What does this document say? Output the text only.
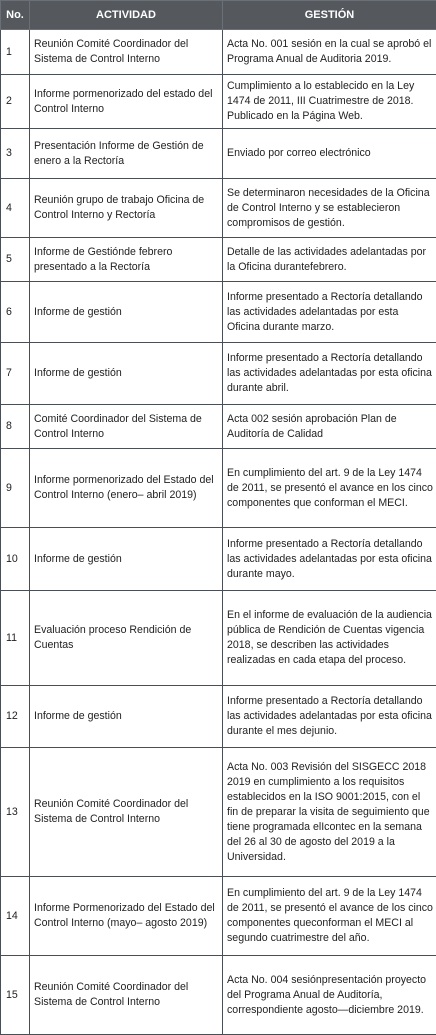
No.	ACTIVIDAD	GESTIÓN
1	Reunión Comité Coordinador del Sistema de Control Interno	Acta No. 001 sesión en la cual se aprobó el Programa Anual de Auditoria 2019.
2	Informe pormenorizado del estado del Control Interno	Cumplimiento a lo establecido en la Ley 1474 de 2011, III Cuatrimestre de 2018. Publicado en la Página Web.
3	Presentación Informe de Gestión de enero a la Rectoría	Enviado por correo electrónico
4	Reunión grupo de trabajo Oficina de Control Interno y Rectoría	Se determinaron necesidades de la Oficina de Control Interno y se establecieron compromisos de gestión.
5	Informe de Gestiónde febrero presentado a la Rectoría	Detalle de las actividades adelantadas por la Oficina durantefebrero.
6	Informe de gestión	Informe presentado a Rectoría detallando las actividades adelantadas por esta Oficina durante marzo.
7	Informe de gestión	Informe presentado a Rectoría detallando las actividades adelantadas por esta oficina durante abril.
8	Comité Coordinador del Sistema de Control Interno	Acta 002 sesión aprobación Plan de Auditoría de Calidad
9	Informe pormenorizado del Estado del Control Interno (enero– abril 2019)	En cumplimiento del art. 9 de la Ley 1474 de 2011, se presentó el avance en los cinco componentes que conforman el MECI.
10	Informe de gestión	Informe presentado a Rectoría detallando las actividades adelantadas por esta oficina durante mayo.
11	Evaluación proceso Rendición de Cuentas	En el informe de evaluación de la audiencia pública de Rendición de Cuentas vigencia 2018, se describen las actividades realizadas en cada etapa del proceso.
12	Informe de gestión	Informe presentado a Rectoría detallando las actividades adelantadas por esta oficina durante el mes dejunio.
13	Reunión Comité Coordinador del Sistema de Control Interno	Acta No. 003 Revisión del SISGECC 2018 2019 en cumplimiento a los requisitos establecidos en la ISO 9001:2015, con el fin de preparar la visita de seguimiento que tiene programada elIcontec en la semana del 26 al 30 de agosto del 2019 a la Universidad.
14	Informe Pormenorizado del Estado del Control Interno (mayo– agosto 2019)	En cumplimiento del art. 9 de la Ley 1474 de 2011, se presentó el avance de los cinco componentes queconforman el MECI al segundo cuatrimestre del año.
15	Reunión Comité Coordinador del Sistema de Control Interno	Acta No. 004 sesiónpresentación proyecto del Programa Anual de Auditoría, correspondiente agosto—diciembre 2019.
